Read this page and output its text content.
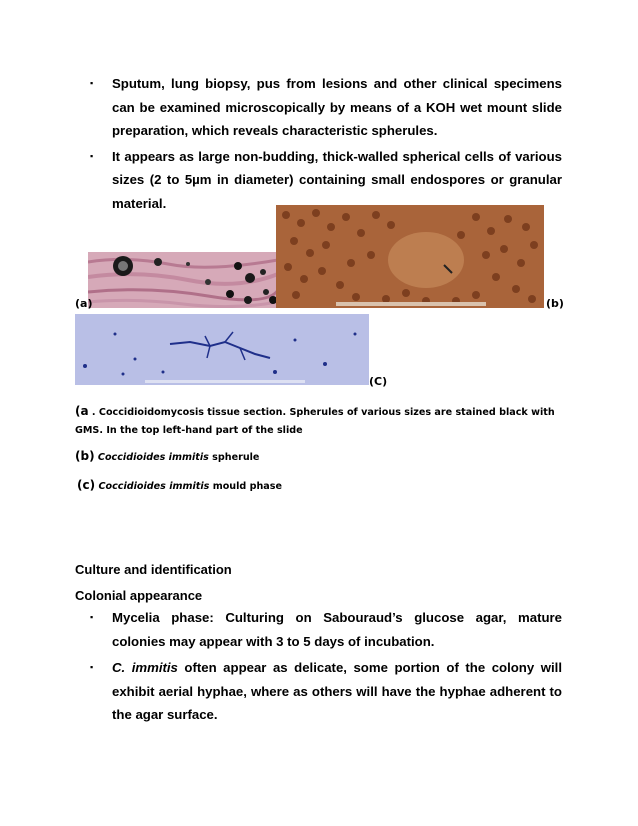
▪ Sputum, lung biopsy, pus from lesions and other clinical specimens can be examined microscopically by means of a KOH wet mount slide preparation, which reveals characteristic spherules.
▪ It appears as large non-budding, thick-walled spherical cells of various sizes (2 to 5µm in diameter) containing small endospores or granular material.
(a)	(b)
(C)
(a . Coccidioidomycosis tissue section. Spherules of various sizes are stained black with GMS. In the top left-hand part of the slide
(b) Coccidioides immitis spherule
(c) Coccidioides immitis mould phase
Culture and identification
Colonial appearance
▪ Mycelia phase: Culturing on Sabouraud’s glucose agar, mature colonies may appear with 3 to 5 days of incubation.
▪ C. immitis often appear as delicate, some portion of the colony will exhibit aerial hyphae, where as others will have the hyphae adherent to the agar surface.
